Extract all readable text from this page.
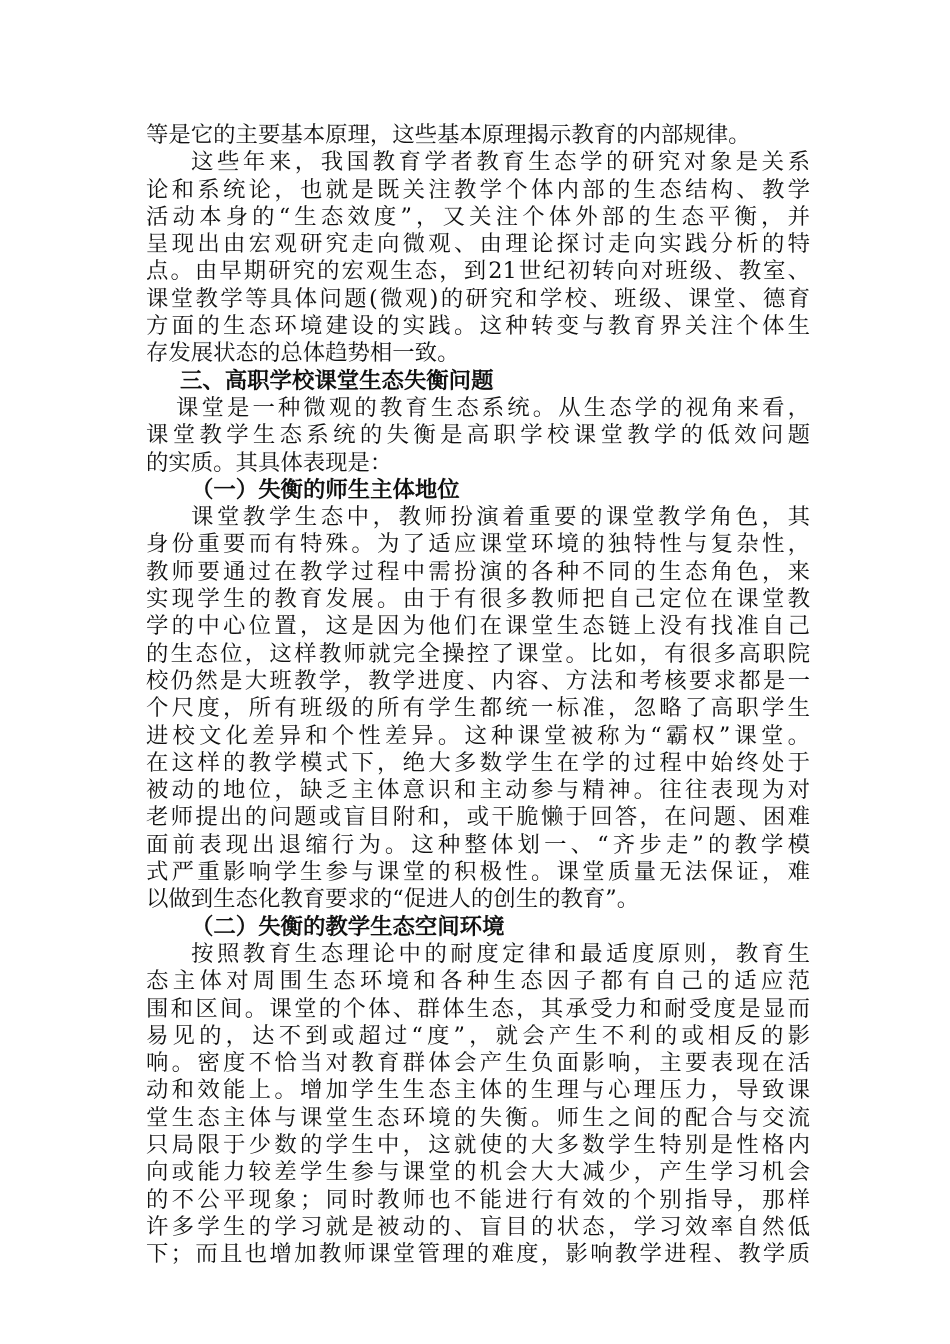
等是它的主要基本原理，这些基本原理揭示教育的内部规律。
这些年来，我国教育学者教育生态学的研究对象是关系
论和系统论，也就是既关注教学个体内部的生态结构、教学
活动本身的“生态效度”，又关注个体外部的生态平衡，并
呈现出由宏观研究走向微观、由理论探讨走向实践分析的特
点。由早期研究的宏观生态，到21世纪初转向对班级、教室、
课堂教学等具体问题(微观)的研究和学校、班级、课堂、德育
方面的生态环境建设的实践。这种转变与教育界关注个体生
存发展状态的总体趋势相一致。
三、高职学校课堂生态失衡问题
课堂是一种微观的教育生态系统。从生态学的视角来看，
课堂教学生态系统的失衡是高职学校课堂教学的低效问题
的实质。其具体表现是：
（一）失衡的师生主体地位
课堂教学生态中，教师扮演着重要的课堂教学角色，其
身份重要而有特殊。为了适应课堂环境的独特性与复杂性，
教师要通过在教学过程中需扮演的各种不同的生态角色，来
实现学生的教育发展。由于有很多教师把自己定位在课堂教
学的中心位置，这是因为他们在课堂生态链上没有找准自己
的生态位，这样教师就完全操控了课堂。比如，有很多高职院
校仍然是大班教学，教学进度、内容、方法和考核要求都是一
个尺度，所有班级的所有学生都统一标准，忽略了高职学生
进校文化差异和个性差异。这种课堂被称为“霸权”课堂。
在这样的教学模式下，绝大多数学生在学的过程中始终处于
被动的地位，缺乏主体意识和主动参与精神。往往表现为对
老师提出的问题或盲目附和，或干脆懒于回答，在问题、困难
面前表现出退缩行为。这种整体划一、“齐步走”的教学模
式严重影响学生参与课堂的积极性。课堂质量无法保证，难
以做到生态化教育要求的“促进人的创生的教育”。
（二）失衡的教学生态空间环境
按照教育生态理论中的耐度定律和最适度原则，教育生
态主体对周围生态环境和各种生态因子都有自己的适应范
围和区间。课堂的个体、群体生态，其承受力和耐受度是显而
易见的，达不到或超过“度”，就会产生不利的或相反的影
响。密度不恰当对教育群体会产生负面影响，主要表现在活
动和效能上。增加学生生态主体的生理与心理压力，导致课
堂生态主体与课堂生态环境的失衡。师生之间的配合与交流
只局限于少数的学生中，这就使的大多数学生特别是性格内
向或能力较差学生参与课堂的机会大大减少，产生学习机会
的不公平现象；同时教师也不能进行有效的个别指导，那样
许多学生的学习就是被动的、盲目的状态，学习效率自然低
下；而且也增加教师课堂管理的难度，影响教学进程、教学质
